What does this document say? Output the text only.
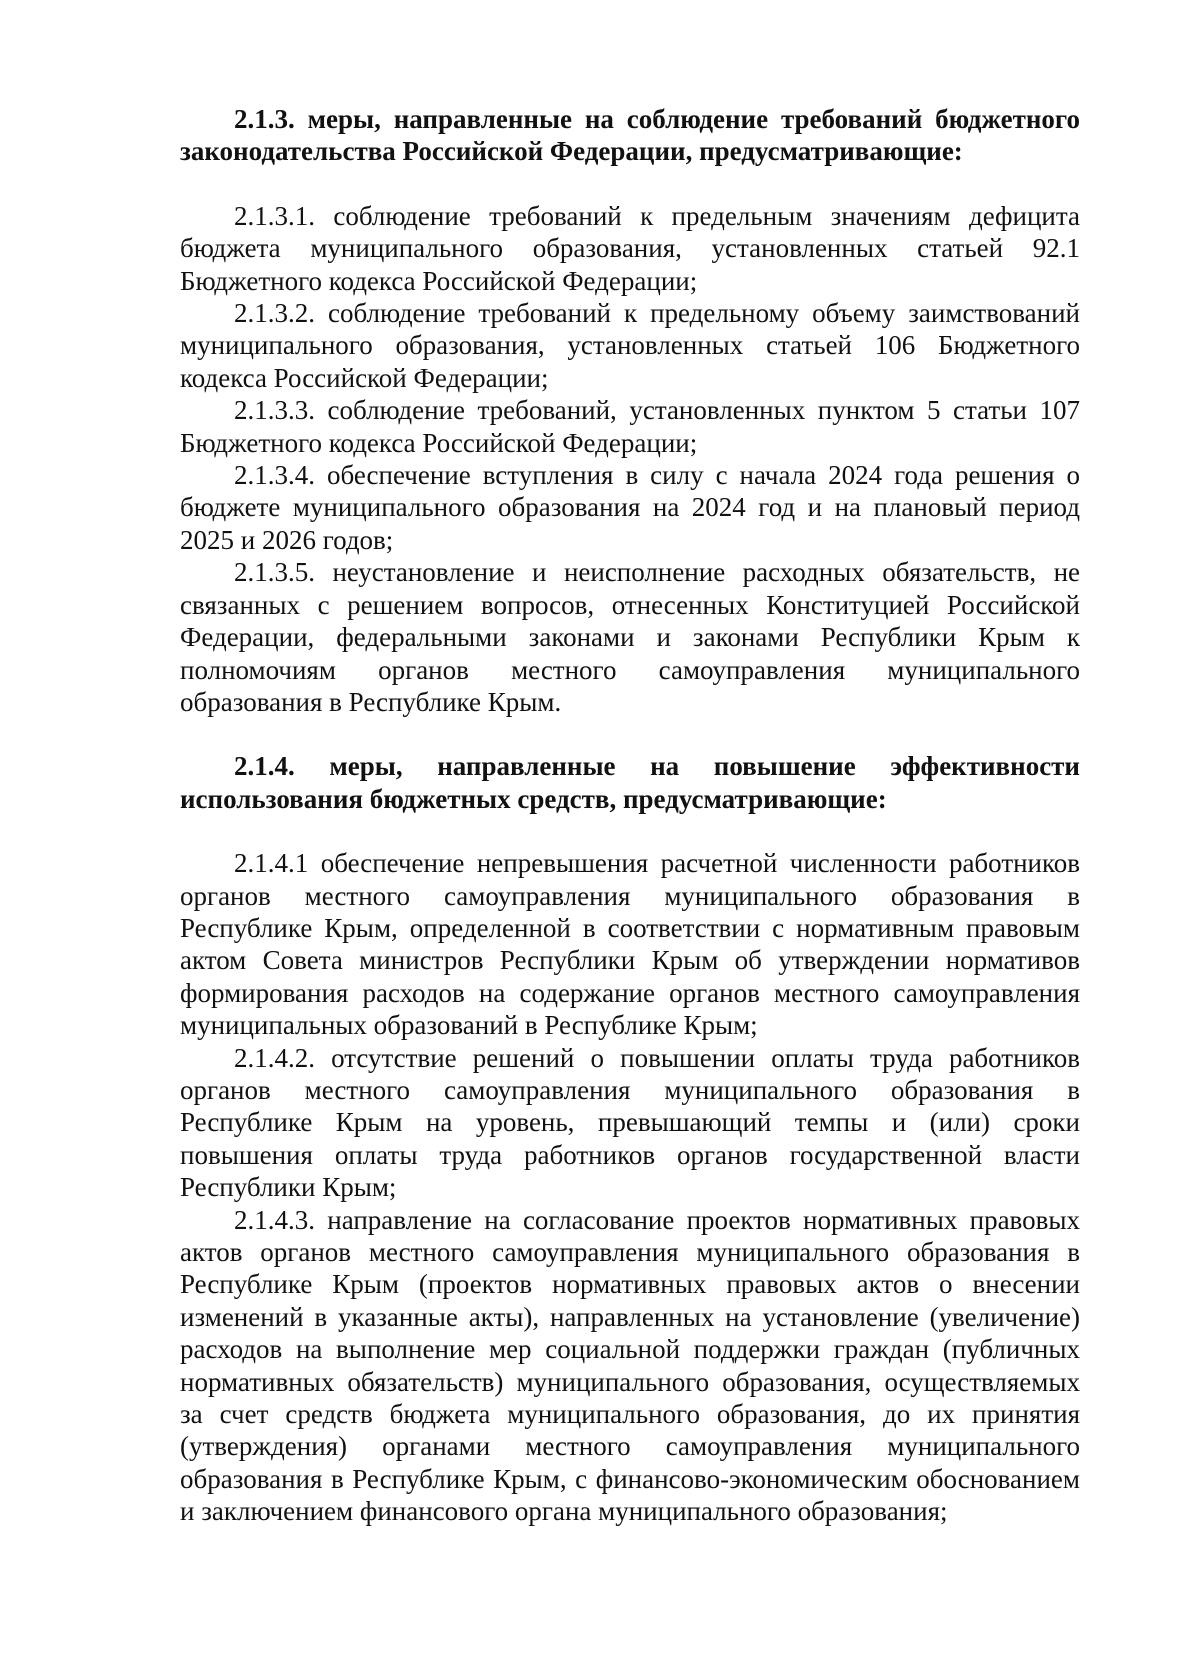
2.1.3. меры, направленные на соблюдение требований бюджетного законодательства Российской Федерации, предусматривающие:

2.1.3.1. соблюдение требований к предельным значениям дефицита бюджета муниципального образования, установленных статьей 92.1 Бюджетного кодекса Российской Федерации;

2.1.3.2. соблюдение требований к предельному объему заимствований муниципального образования, установленных статьей 106 Бюджетного кодекса Российской Федерации;

2.1.3.3. соблюдение требований, установленных пунктом 5 статьи 107 Бюджетного кодекса Российской Федерации;

2.1.3.4. обеспечение вступления в силу с начала 2024 года решения о бюджете муниципального образования на 2024 год и на плановый период 2025 и 2026 годов;

2.1.3.5. неустановление и неисполнение расходных обязательств, не связанных с решением вопросов, отнесенных Конституцией Российской Федерации, федеральными законами и законами Республики Крым к полномочиям органов местного самоуправления муниципального образования в Республике Крым.

2.1.4. меры, направленные на повышение эффективности использования бюджетных средств, предусматривающие:

2.1.4.1 обеспечение непревышения расчетной численности работников органов местного самоуправления муниципального образования в Республике Крым, определенной в соответствии с нормативным правовым актом Совета министров Республики Крым об утверждении нормативов формирования расходов на содержание органов местного самоуправления муниципальных образований в Республике Крым;

2.1.4.2. отсутствие решений о повышении оплаты труда работников органов местного самоуправления муниципального образования в Республике Крым на уровень, превышающий темпы и (или) сроки повышения оплаты труда работников органов государственной власти Республики Крым;

2.1.4.3. направление на согласование проектов нормативных правовых актов органов местного самоуправления муниципального образования в Республике Крым (проектов нормативных правовых актов о внесении изменений в указанные акты), направленных на установление (увеличение) расходов на выполнение мер социальной поддержки граждан (публичных нормативных обязательств) муниципального образования, осуществляемых за счет средств бюджета муниципального образования, до их принятия (утверждения) органами местного самоуправления муниципального образования в Республике Крым, с финансово-экономическим обоснованием и заключением финансового органа муниципального образования;
